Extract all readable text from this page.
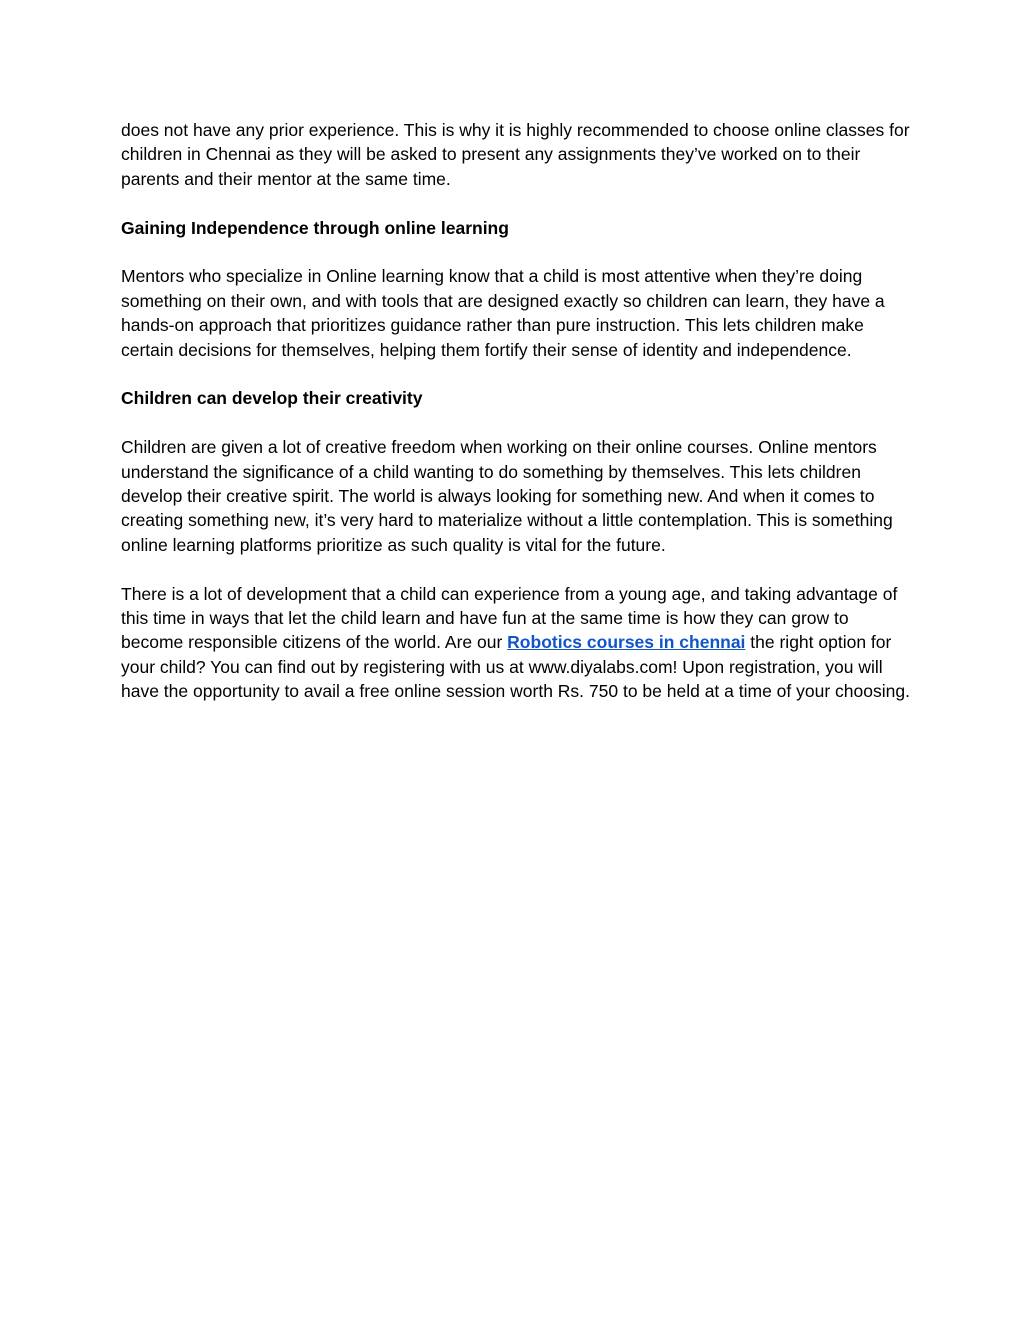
does not have any prior experience. This is why it is highly recommended to choose online classes for children in Chennai as they will be asked to present any assignments they’ve worked on to their parents and their mentor at the same time.

Gaining Independence through online learning

Mentors who specialize in Online learning know that a child is most attentive when they’re doing something on their own, and with tools that are designed exactly so children can learn, they have a hands-on approach that prioritizes guidance rather than pure instruction. This lets children make certain decisions for themselves, helping them fortify their sense of identity and independence.

Children can develop their creativity

Children are given a lot of creative freedom when working on their online courses. Online mentors understand the significance of a child wanting to do something by themselves. This lets children develop their creative spirit. The world is always looking for something new. And when it comes to creating something new, it’s very hard to materialize without a little contemplation. This is something online learning platforms prioritize as such quality is vital for the future.

There is a lot of development that a child can experience from a young age, and taking advantage of this time in ways that let the child learn and have fun at the same time is how they can grow to become responsible citizens of the world. Are our Robotics courses in chennai the right option for your child? You can find out by registering with us at www.diyalabs.com! Upon registration, you will have the opportunity to avail a free online session worth Rs. 750 to be held at a time of your choosing.
